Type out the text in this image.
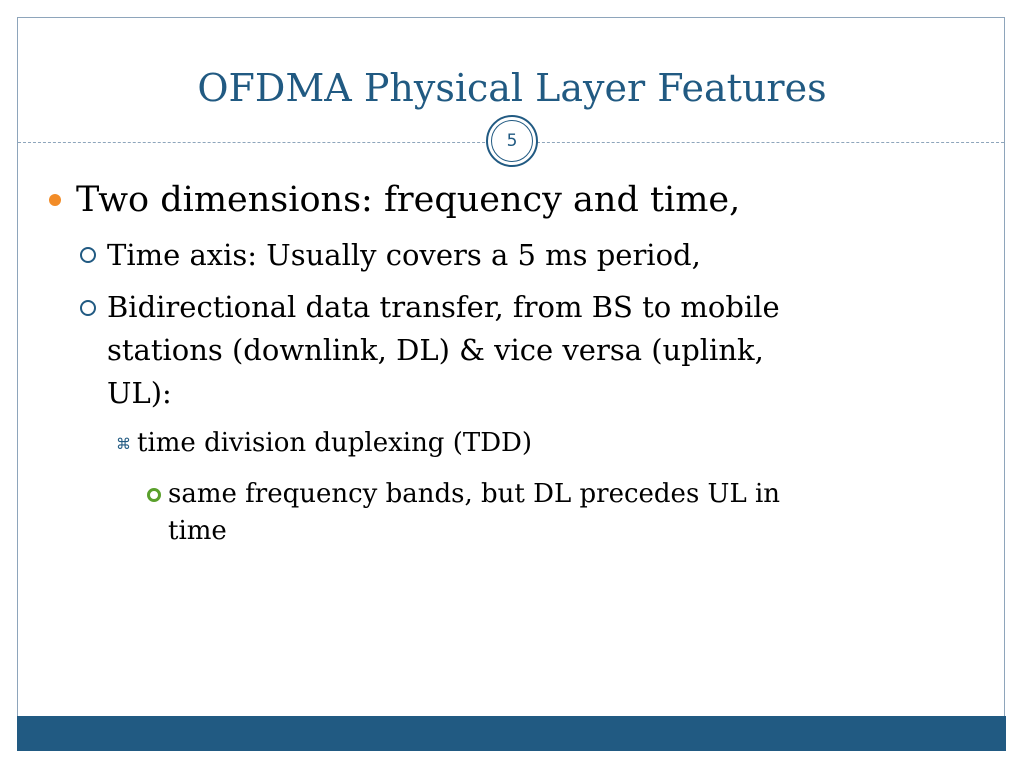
OFDMA Physical Layer Features
5
Two dimensions: frequency and time,
Time axis: Usually covers a 5 ms period,
Bidirectional data transfer, from BS to mobile
stations (downlink, DL) & vice versa (uplink,
UL):
⌘ time division duplexing (TDD)
same frequency bands, but DL precedes UL in
time
